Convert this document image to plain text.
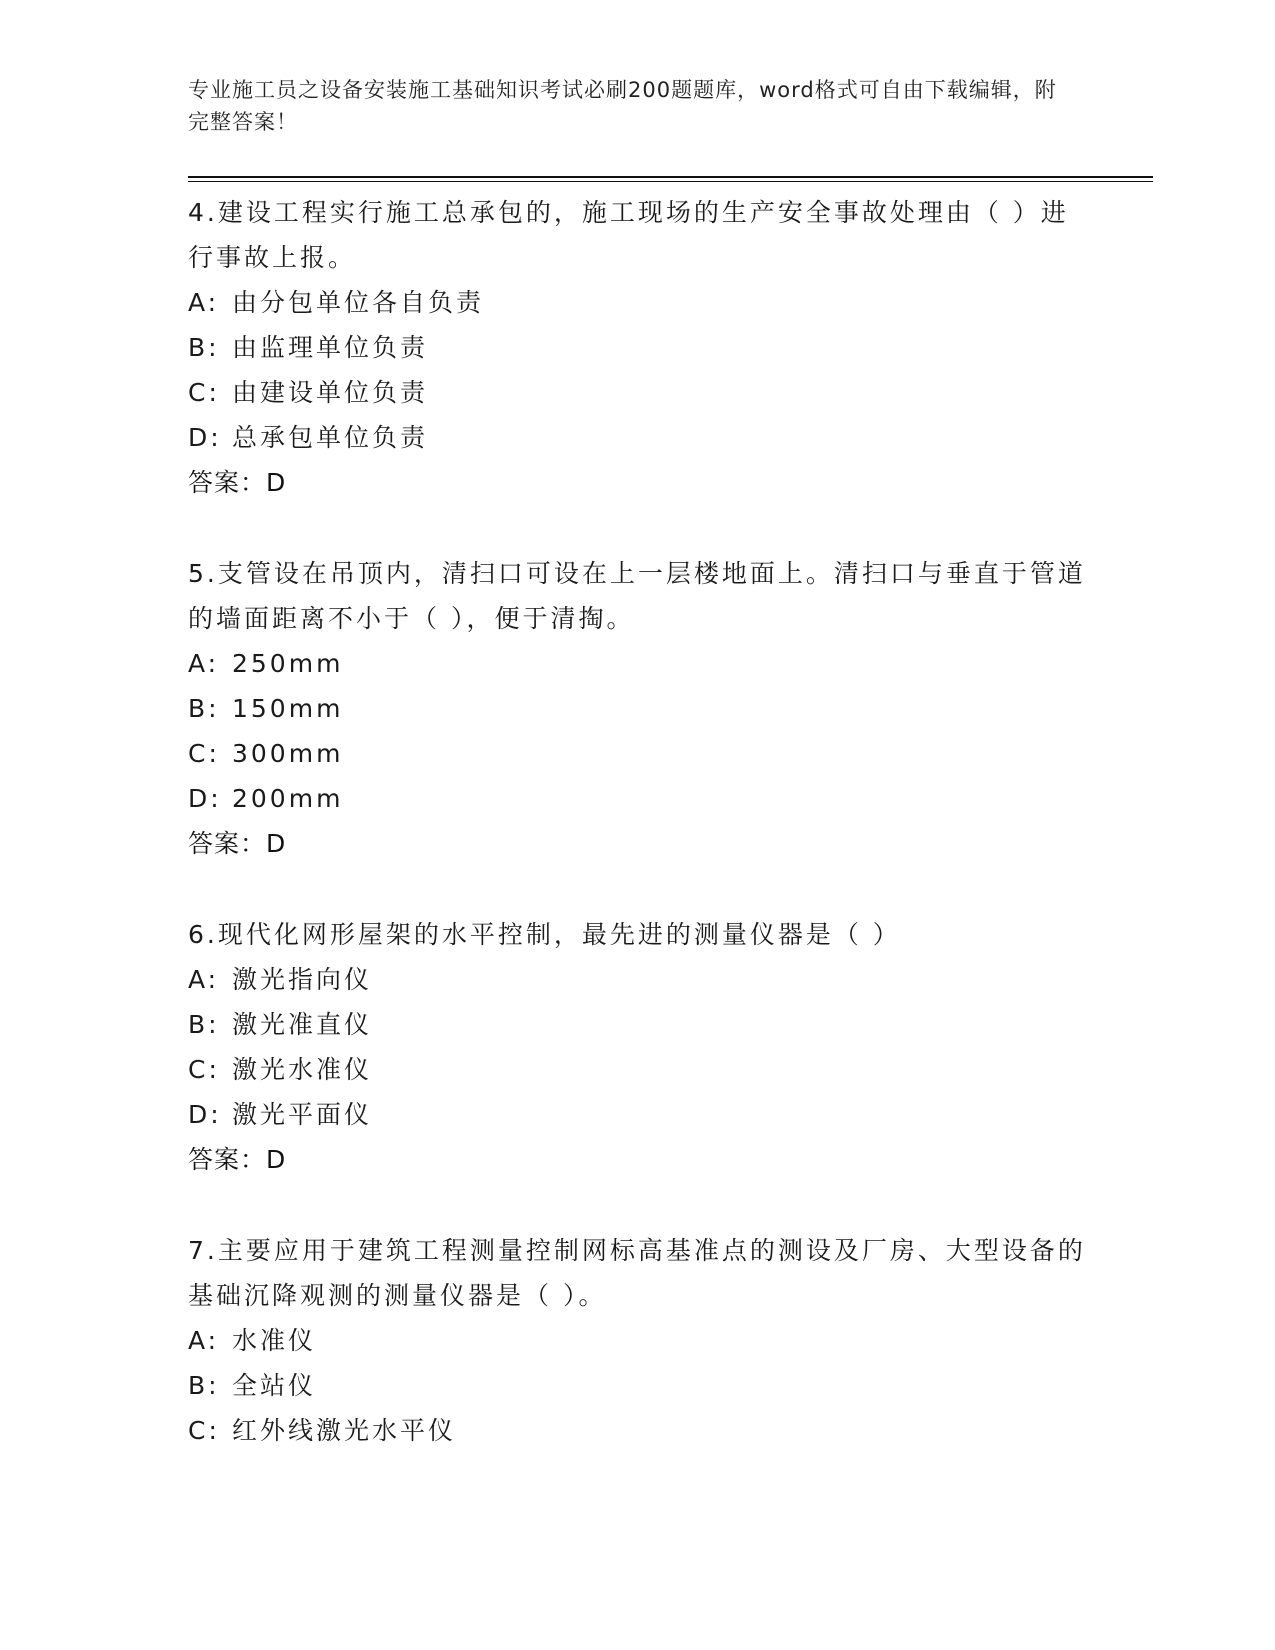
专业施工员之设备安装施工基础知识考试必刷200题题库，word格式可自由下载编辑，附完整答案！

4.建设工程实行施工总承包的，施工现场的生产安全事故处理由（ ）进行事故上报。

A: 由分包单位各自负责

B: 由监理单位负责

C: 由建设单位负责

D: 总承包单位负责

答案：D

5.支管设在吊顶内，清扫口可设在上一层楼地面上。清扫口与垂直于管道的墙面距离不小于（ ），便于清掏。

A: 250mm

B: 150mm

C: 300mm

D: 200mm

答案：D

6.现代化网形屋架的水平控制，最先进的测量仪器是（ ）

A: 激光指向仪

B: 激光准直仪

C: 激光水准仪

D: 激光平面仪

答案：D

7.主要应用于建筑工程测量控制网标高基准点的测设及厂房、大型设备的基础沉降观测的测量仪器是（ ）。

A: 水准仪

B: 全站仪

C: 红外线激光水平仪
